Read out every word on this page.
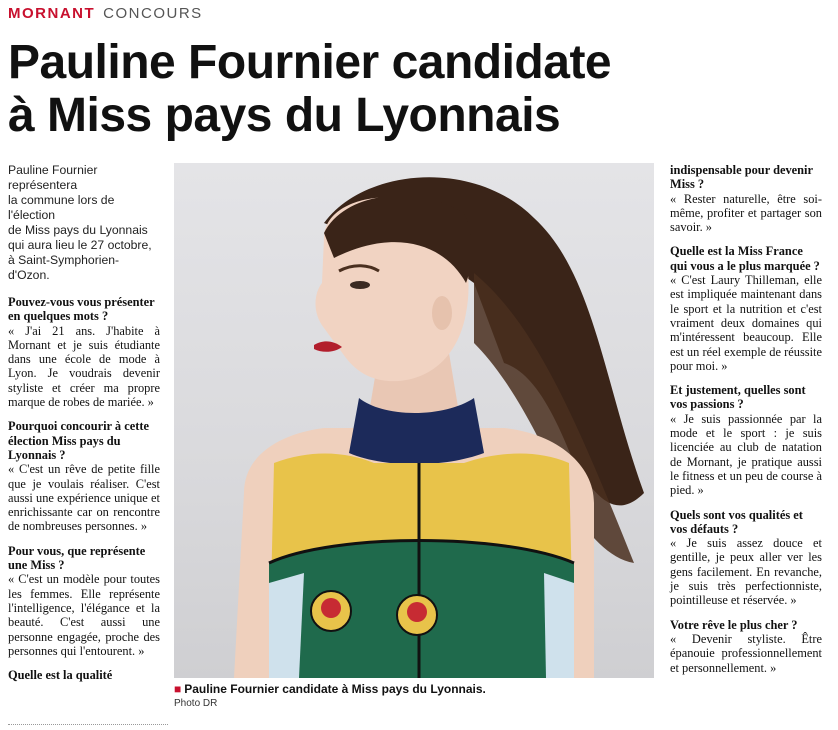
MORNANT CONCOURS
Pauline Fournier candidate
à Miss pays du Lyonnais

Pauline Fournier représentera
la commune lors de l'élection
de Miss pays du Lyonnais
qui aura lieu le 27 octobre,
à Saint-Symphorien-d'Ozon.

Pouvez-vous vous présenter en quelques mots ?

« J'ai 21 ans. J'habite à Mornant et je suis étudiante dans une école de mode à Lyon. Je voudrais devenir styliste et créer ma propre marque de robes de mariée. »

Pourquoi concourir à cette élection Miss pays du Lyonnais ?

« C'est un rêve de petite fille que je voulais réaliser. C'est aussi une expérience unique et enrichissante car on rencontre de nombreuses personnes. »

Pour vous, que représente une Miss ?

« C'est un modèle pour toutes les femmes. Elle représente l'intelligence, l'élégance et la beauté. C'est aussi une personne engagée, proche des personnes qui l'entourent. »

Quelle est la qualité

■ Pauline Fournier candidate à Miss pays du Lyonnais.
Photo DR

indispensable pour devenir Miss ?

« Rester naturelle, être soi-même, profiter et partager son savoir. »

Quelle est la Miss France qui vous a le plus marquée ?

« C'est Laury Thilleman, elle est impliquée maintenant dans le sport et la nutrition et c'est vraiment deux domaines qui m'intéressent beaucoup. Elle est un réel exemple de réussite pour moi. »

Et justement, quelles sont vos passions ?

« Je suis passionnée par la mode et le sport : je suis licenciée au club de natation de Mornant, je pratique aussi le fitness et un peu de course à pied. »

Quels sont vos qualités et vos défauts ?

« Je suis assez douce et gentille, je peux aller ver les gens facilement. En revanche, je suis très perfectionniste, pointilleuse et réservée. »

Votre rêve le plus cher ?

« Devenir styliste. Être épanouie professionnellement et personnellement. »
